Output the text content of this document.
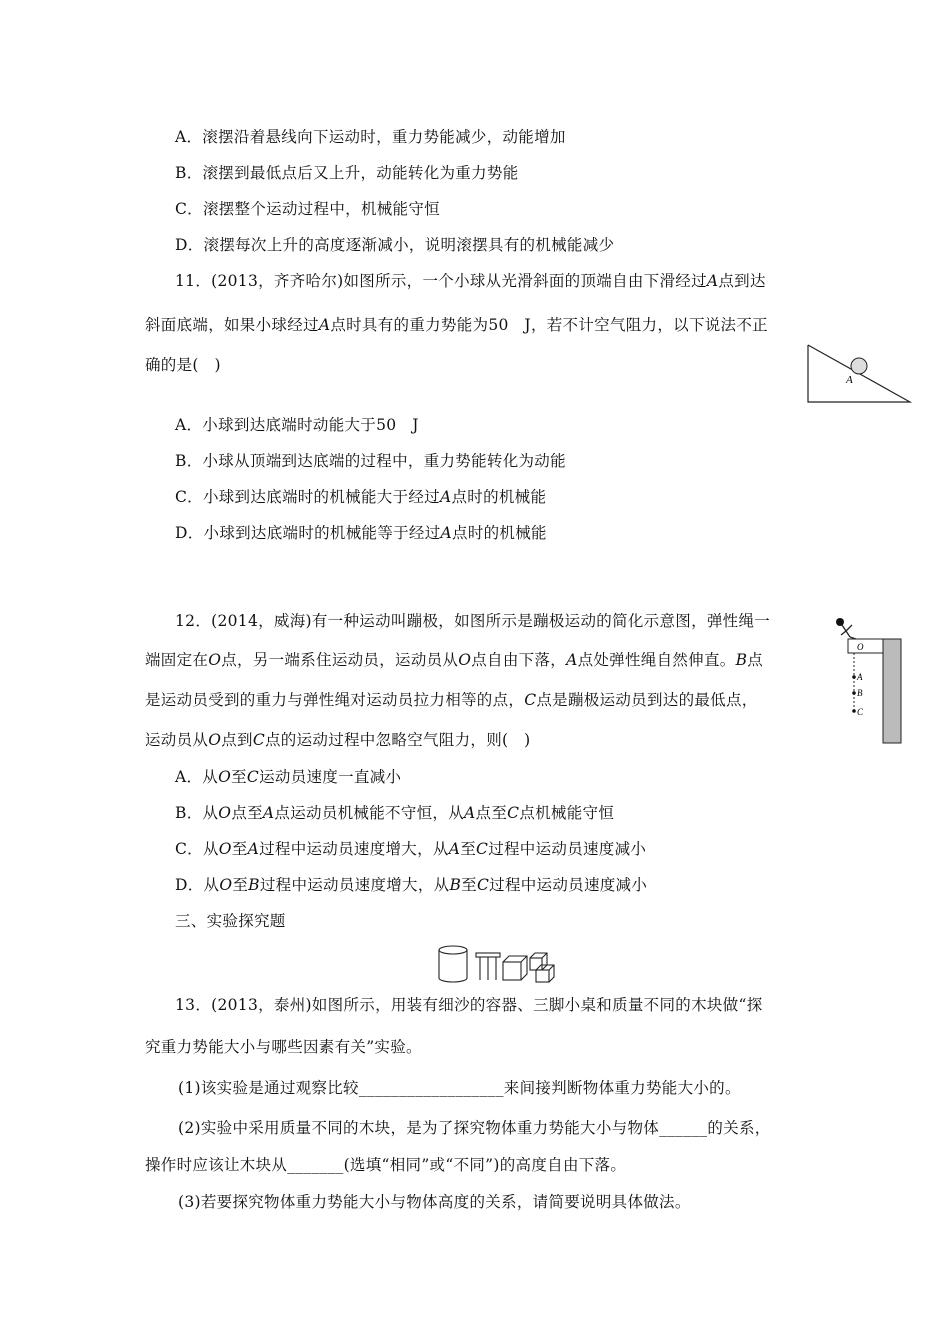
A．滚摆沿着悬线向下运动时，重力势能减少，动能增加
B．滚摆到最低点后又上升，动能转化为重力势能
C．滚摆整个运动过程中，机械能守恒
D．滚摆每次上升的高度逐渐减小，说明滚摆具有的机械能减少
11．(2013，齐齐哈尔)如图所示，一个小球从光滑斜面的顶端自由下滑经过A点到达
斜面底端，如果小球经过A点时具有的重力势能为50　J，若不计空气阻力，以下说法不正
确的是(　)
A
A．小球到达底端时动能大于50　J
B．小球从顶端到达底端的过程中，重力势能转化为动能
C．小球到达底端时的机械能大于经过A点时的机械能
D．小球到达底端时的机械能等于经过A点时的机械能
12．(2014，威海)有一种运动叫蹦极，如图所示是蹦极运动的简化示意图，弹性绳一
端固定在O点，另一端系住运动员，运动员从O点自由下落，A点处弹性绳自然伸直。B点
是运动员受到的重力与弹性绳对运动员拉力相等的点，C点是蹦极运动员到达的最低点，
运动员从O点到C点的运动过程中忽略空气阻力，则(　)
O
A
B
C
A．从O至C运动员速度一直减小
B．从O点至A点运动员机械能不守恒，从A点至C点机械能守恒
C．从O至A过程中运动员速度增大，从A至C过程中运动员速度减小
D．从O至B过程中运动员速度增大，从B至C过程中运动员速度减小
三、实验探究题
13．(2013，泰州)如图所示，用装有细沙的容器、三脚小桌和质量不同的木块做“探
究重力势能大小与哪些因素有关”实验。
(1)该实验是通过观察比较__________________来间接判断物体重力势能大小的。
(2)实验中采用质量不同的木块，是为了探究物体重力势能大小与物体______的关系，
操作时应该让木块从_______(选填“相同”或“不同”)的高度自由下落。
(3)若要探究物体重力势能大小与物体高度的关系，请简要说明具体做法。
